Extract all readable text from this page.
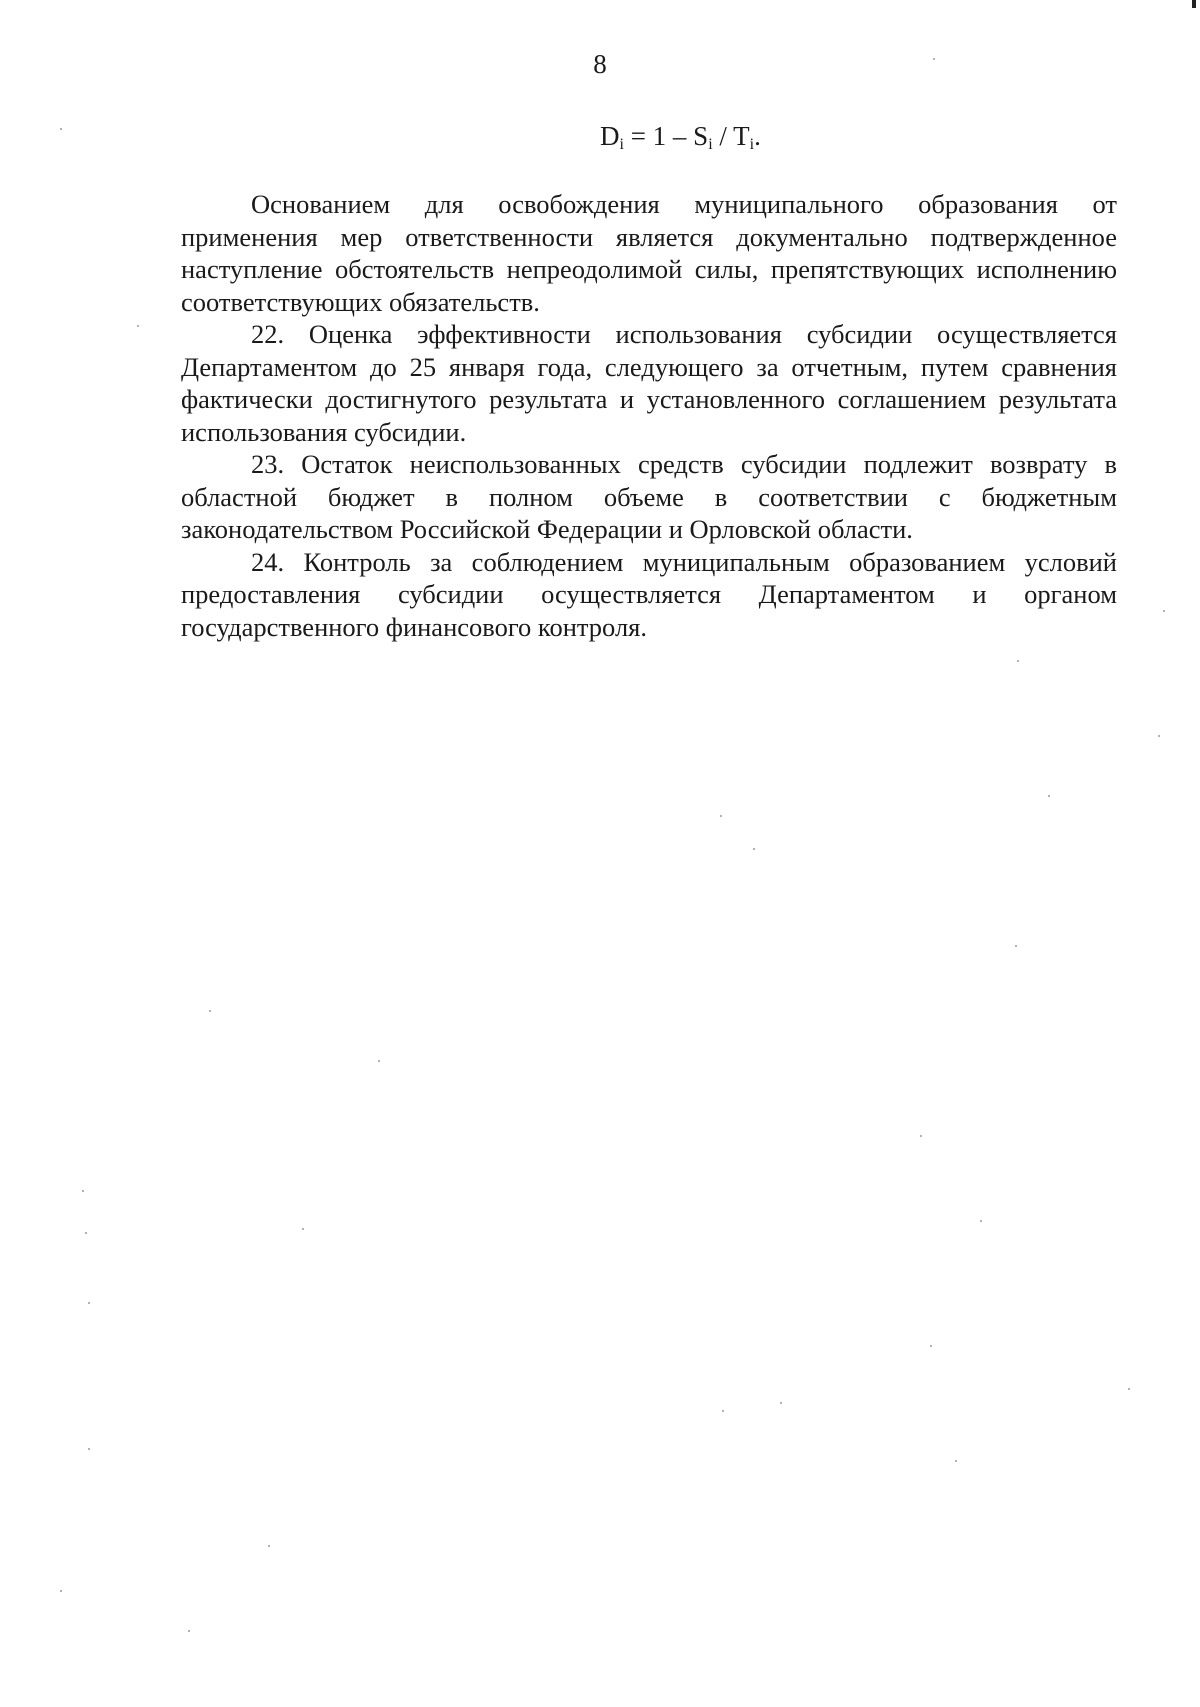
8
$D_i = 1 - S_i / T_i$.

Основанием для освобождения муниципального образования от применения мер ответственности является документально подтвержденное наступление обстоятельств непреодолимой силы, препятствующих исполнению соответствующих обязательств.

22. Оценка эффективности использования субсидии осуществляется Департаментом до 25 января года, следующего за отчетным, путем сравнения фактически достигнутого результата и установленного соглашением результата использования субсидии.

23. Остаток неиспользованных средств субсидии подлежит возврату в областной бюджет в полном объеме в соответствии с бюджетным законодательством Российской Федерации и Орловской области.

24. Контроль за соблюдением муниципальным образованием условий предоставления субсидии осуществляется Департаментом и органом государственного финансового контроля.
